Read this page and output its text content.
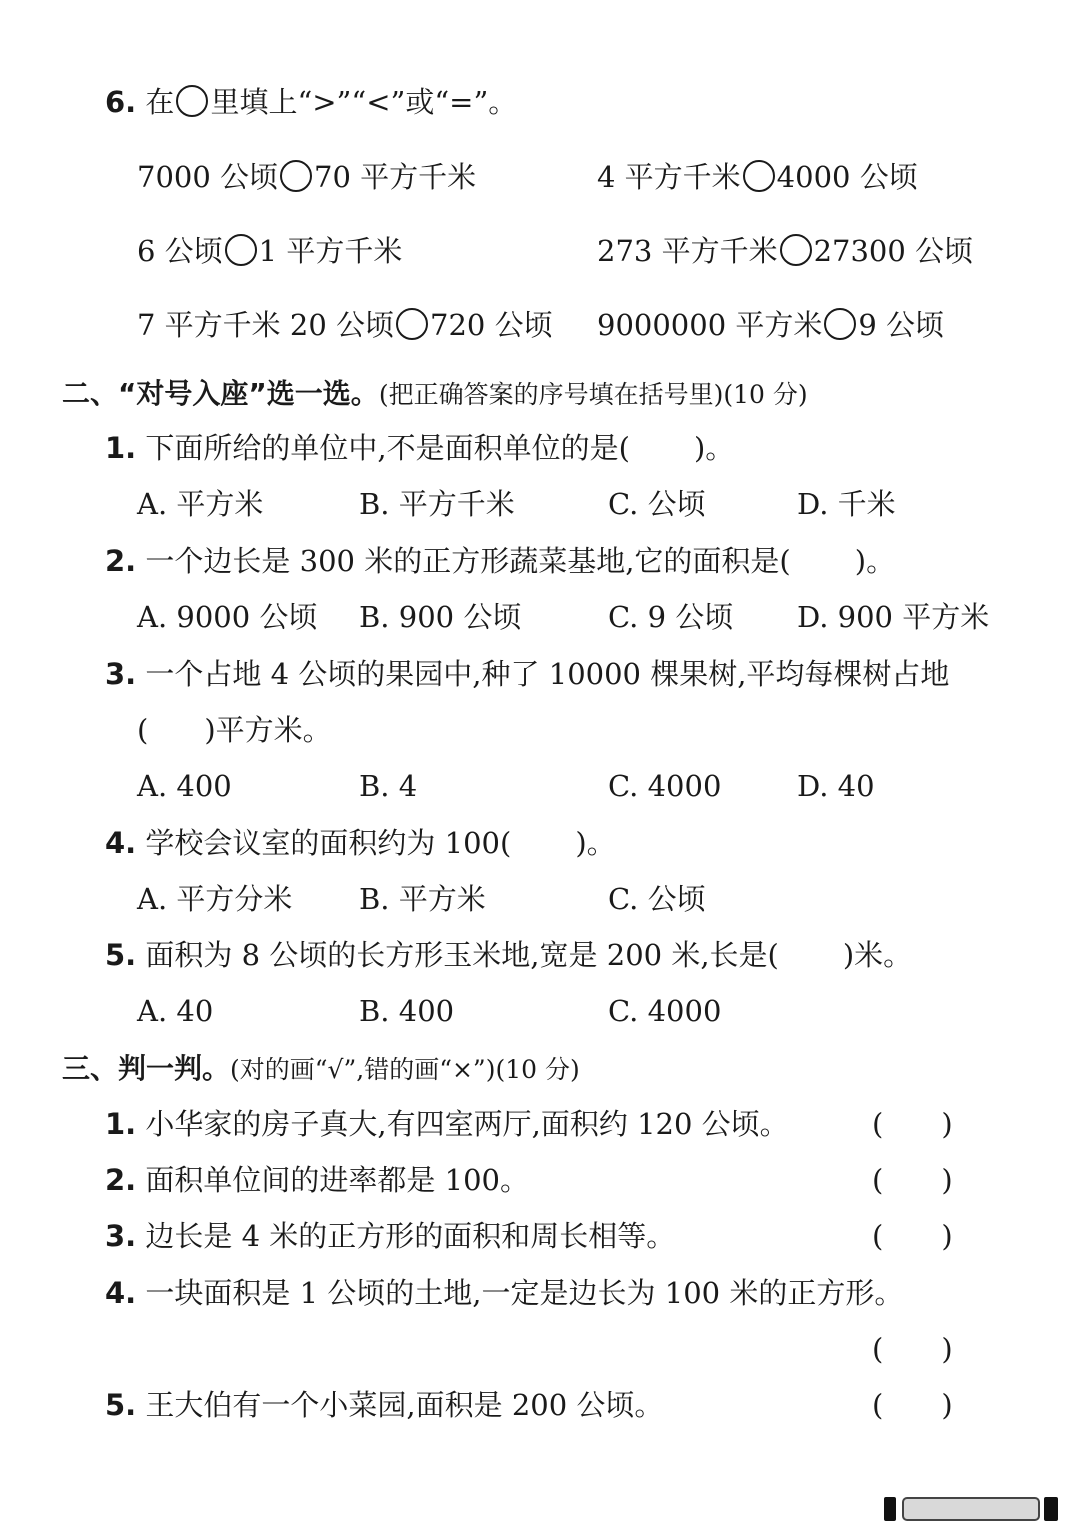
6. 在 里填上“>”“<”或“=”。
7000 公顷 70 平方千米	4 平方千米 4000 公顷
6 公顷 1 平方千米	273 平方千米 27300 公顷
7 平方千米 20 公顷 720 公顷 9000000 平方米 9 公顷
二、“对号入座”选一选。(把正确答案的序号填在括号里)(10 分)
1. 下面所给的单位中,不是面积单位的是( )。
A. 平方米	B. 平方千米	C. 公顷	D. 千米
2. 一个边长是 300 米的正方形蔬菜基地,它的面积是( )。
A. 9000 公顷 B. 900 公顷	C. 9 公顷 D. 900 平方米
3. 一个占地 4 公顷的果园中,种了 10000 棵果树,平均每棵树占地
( )平方米。
A. 400	B. 4	C. 4000	D. 40
4. 学校会议室的面积约为 100( )。
A. 平方分米 B. 平方米	C. 公顷
5. 面积为 8 公顷的长方形玉米地,宽是 200 米,长是( )米。
A. 40	B. 400	C. 4000
三、判一判。(对的画“√”,错的画“×”)(10 分)
1. 小华家的房子真大,有四室两厅,面积约 120 公顷。	( )
2. 面积单位间的进率都是 100。	( )
3. 边长是 4 米的正方形的面积和周长相等。	( )
4. 一块面积是 1 公顷的土地,一定是边长为 100 米的正方形。
( )
5. 王大伯有一个小菜园,面积是 200 公顷。	( )
